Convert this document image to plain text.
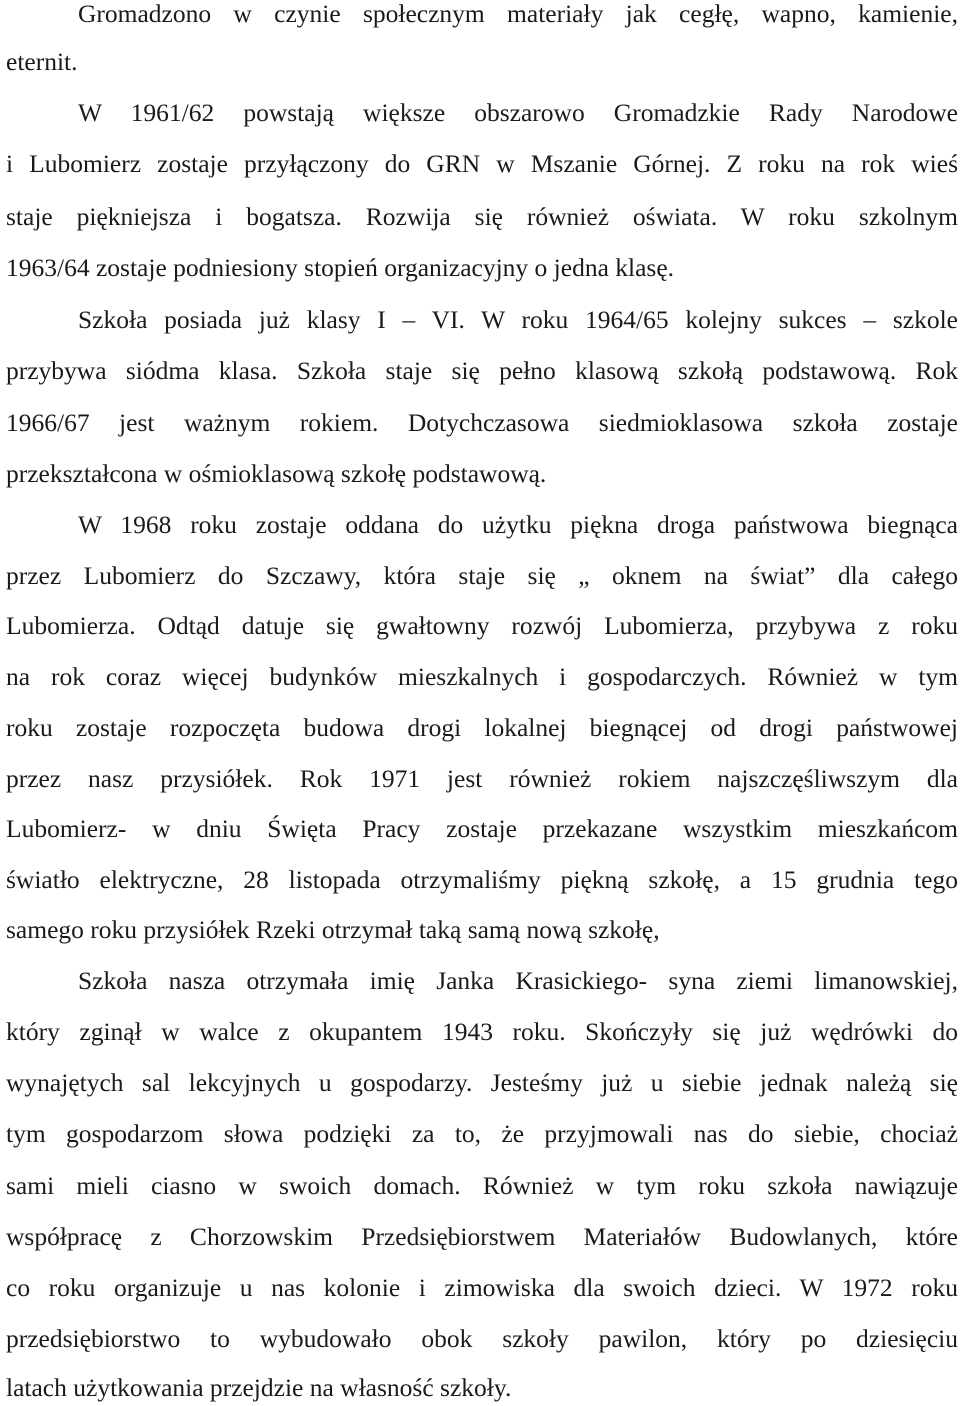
Gromadzono w czynie społecznym materiały jak cegłę, wapno, kamienie,
eternit.
W 1961/62 powstają większe obszarowo Gromadzkie Rady Narodowe
i Lubomierz zostaje przyłączony do GRN w Mszanie Górnej. Z roku na rok wieś
staje piękniejsza i bogatsza. Rozwija się również oświata. W roku szkolnym
1963/64 zostaje podniesiony stopień organizacyjny o jedna klasę.
Szkoła posiada już klasy I – VI. W roku 1964/65 kolejny sukces – szkole
przybywa siódma klasa. Szkoła staje się pełno klasową szkołą podstawową. Rok
1966/67 jest ważnym rokiem. Dotychczasowa siedmioklasowa szkoła zostaje
przekształcona w ośmioklasową szkołę podstawową.
W 1968 roku zostaje oddana do użytku piękna droga państwowa biegnąca
przez Lubomierz do Szczawy, która staje się „ oknem na świat” dla całego
Lubomierza. Odtąd datuje się gwałtowny rozwój Lubomierza, przybywa z roku
na rok coraz więcej budynków mieszkalnych i gospodarczych. Również w tym
roku zostaje rozpoczęta budowa drogi lokalnej biegnącej od drogi państwowej
przez nasz przysiółek. Rok 1971 jest również rokiem najszczęśliwszym dla
Lubomierz- w dniu Święta Pracy zostaje przekazane wszystkim mieszkańcom
światło elektryczne, 28 listopada otrzymaliśmy piękną szkołę, a 15 grudnia tego
samego roku przysiółek Rzeki otrzymał taką samą nową szkołę,
Szkoła nasza otrzymała imię Janka Krasickiego- syna ziemi limanowskiej,
który zginął w walce z okupantem 1943 roku. Skończyły się już wędrówki do
wynajętych sal lekcyjnych u gospodarzy. Jesteśmy już u siebie jednak należą się
tym gospodarzom słowa podzięki za to, że przyjmowali nas do siebie, chociaż
sami mieli ciasno w swoich domach. Również w tym roku szkoła nawiązuje
współpracę z Chorzowskim Przedsiębiorstwem Materiałów Budowlanych, które
co roku organizuje u nas kolonie i zimowiska dla swoich dzieci. W 1972 roku
przedsiębiorstwo to wybudowało obok szkoły pawilon, który po dziesięciu
latach użytkowania przejdzie na własność szkoły.
